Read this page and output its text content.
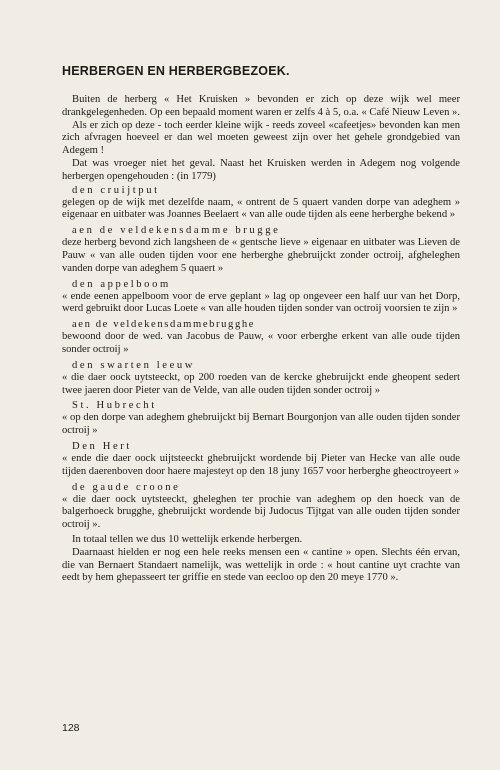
HERBERGEN EN HERBERGBEZOEK.

Buiten de herberg « Het Kruisken » bevonden er zich op deze wijk wel meer drankgelegenheden. Op een bepaald moment waren er zelfs 4 à 5, o.a. « Café Nieuw Leven ».

Als er zich op deze - toch eerder kleine wijk - reeds zoveel «cafeetjes» bevonden kan men zich afvragen hoeveel er dan wel moeten geweest zijn over het gehele grondgebied van Adegem !

Dat was vroeger niet het geval. Naast het Kruisken werden in Adegem nog volgende herbergen opengehouden : (in 1779)

den cruijtput
gelegen op de wijk met dezelfde naam, « ontrent de 5 quaert vanden dorpe van adeghem » eigenaar en uitbater was Joannes Beelaert « van alle oude tijden als eene herberghe bekend »
aen de veldekensdamme brugge
deze herberg bevond zich langsheen de « gentsche lieve » eigenaar en uitbater was Lieven de Pauw « van alle ouden tijden voor ene herberghe ghebruijckt zonder octroij, afgheleghen vanden dorpe van adeghem 5 quaert »
den appelboom
« ende eenen appelboom voor de erve geplant » lag op ongeveer een half uur van het Dorp, werd gebruikt door Lucas Loete « van alle houden tijden sonder van octroij voorsien te zijn »
aen de veldekensdammebrugghe
bewoond door de wed. van Jacobus de Pauw, « voor erberghe erkent van alle oude tijden sonder octroij »
den swarten leeuw
« die daer oock uytsteeckt, op 200 roeden van de kercke ghebruijckt ende gheopent sedert twee jaeren door Pieter van de Velde, van alle ouden tijden sonder octroij »
St. Hubrecht
« op den dorpe van adeghem ghebruijckt bij Bernart Bourgonjon van alle ouden tijden sonder octroij »
Den Hert
« ende die daer oock uijtsteeckt ghebruijckt wordende bij Pieter van Hecke van alle oude tijden daerenboven door haere majesteyt op den 18 juny 1657 voor herberghe gheoctroyeert »
de gaude croone
« die daer oock uytsteeckt, gheleghen ter prochie van adeghem op den hoeck van de balgerhoeck brugghe, ghebruijckt wordende bij Judocus Tijtgat van alle ouden tijden sonder octroij ».

In totaal tellen we dus 10 wettelijk erkende herbergen.

Daarnaast hielden er nog een hele reeks mensen een « cantine » open. Slechts één ervan, die van Bernaert Standaert namelijk, was wettelijk in orde : « hout cantine uyt crachte van eedt by hem ghepasseert ter griffie en stede van eecloo op den 20 meye 1770 ».

128
